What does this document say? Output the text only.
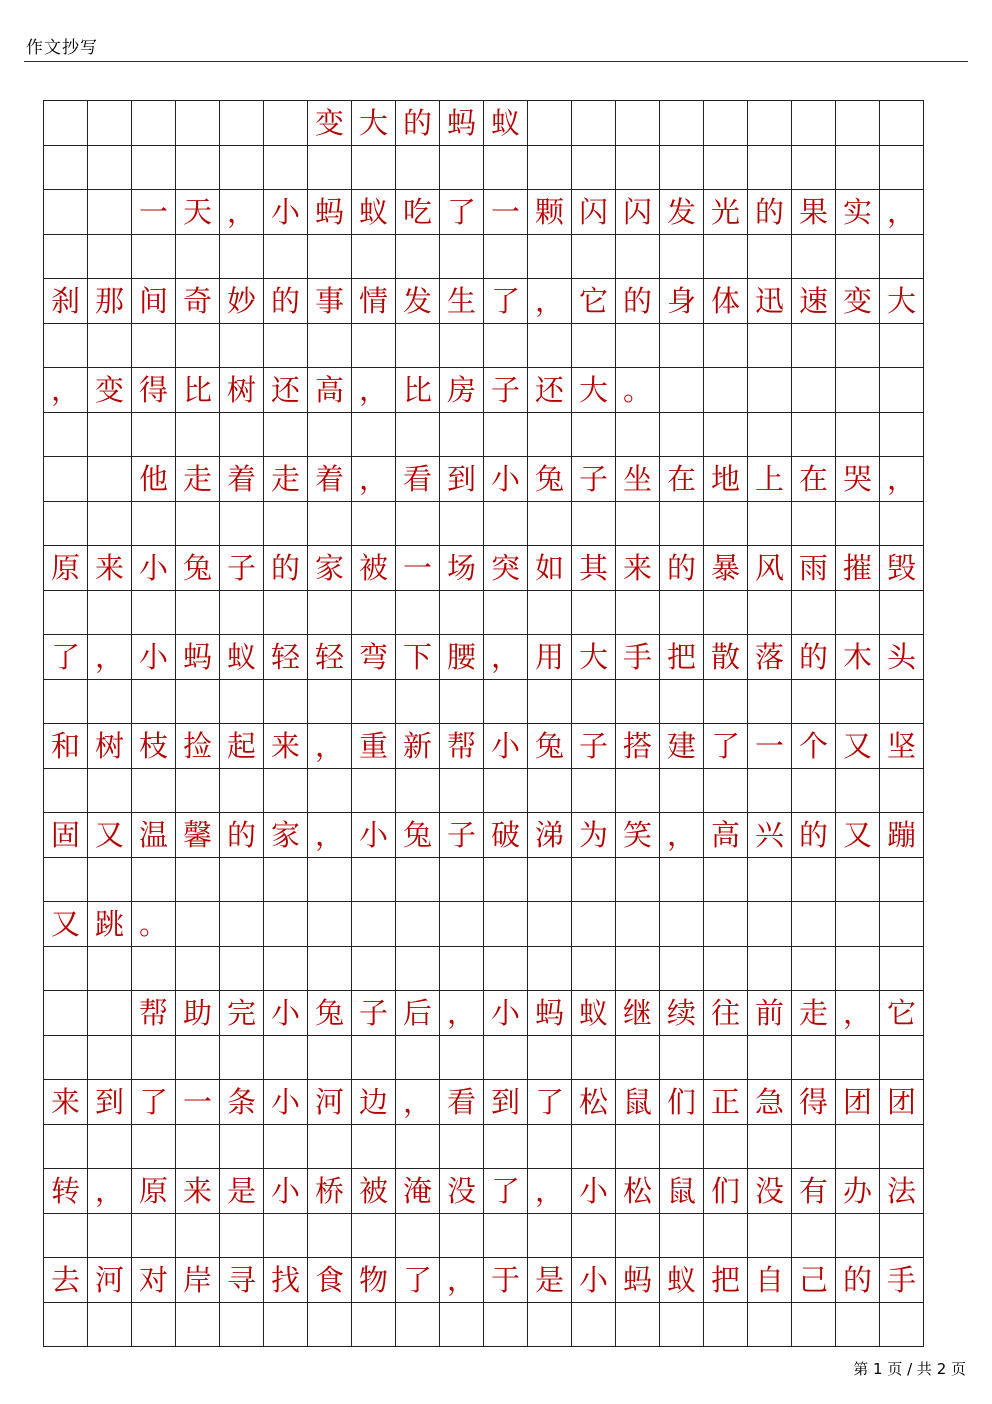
作文抄写
						变	大	的	蚂	蚁									

		一	天	，	小	蚂	蚁	吃	了	一	颗	闪	闪	发	光	的	果	实	，

刹	那	间	奇	妙	的	事	情	发	生	了	，	它	的	身	体	迅	速	变	大

，	变	得	比	树	还	高	，	比	房	子	还	大	。						

		他	走	着	走	着	，	看	到	小	兔	子	坐	在	地	上	在	哭	，

原	来	小	兔	子	的	家	被	一	场	突	如	其	来	的	暴	风	雨	摧	毁

了	，	小	蚂	蚁	轻	轻	弯	下	腰	，	用	大	手	把	散	落	的	木	头

和	树	枝	捡	起	来	，	重	新	帮	小	兔	子	搭	建	了	一	个	又	坚

固	又	温	馨	的	家	，	小	兔	子	破	涕	为	笑	，	高	兴	的	又	蹦

又	跳	。																	

		帮	助	完	小	兔	子	后	，	小	蚂	蚁	继	续	往	前	走	，	它

来	到	了	一	条	小	河	边	，	看	到	了	松	鼠	们	正	急	得	团	团

转	，	原	来	是	小	桥	被	淹	没	了	，	小	松	鼠	们	没	有	办	法

去	河	对	岸	寻	找	食	物	了	，	于	是	小	蚂	蚁	把	自	己	的	手

第 1 页 / 共 2 页
